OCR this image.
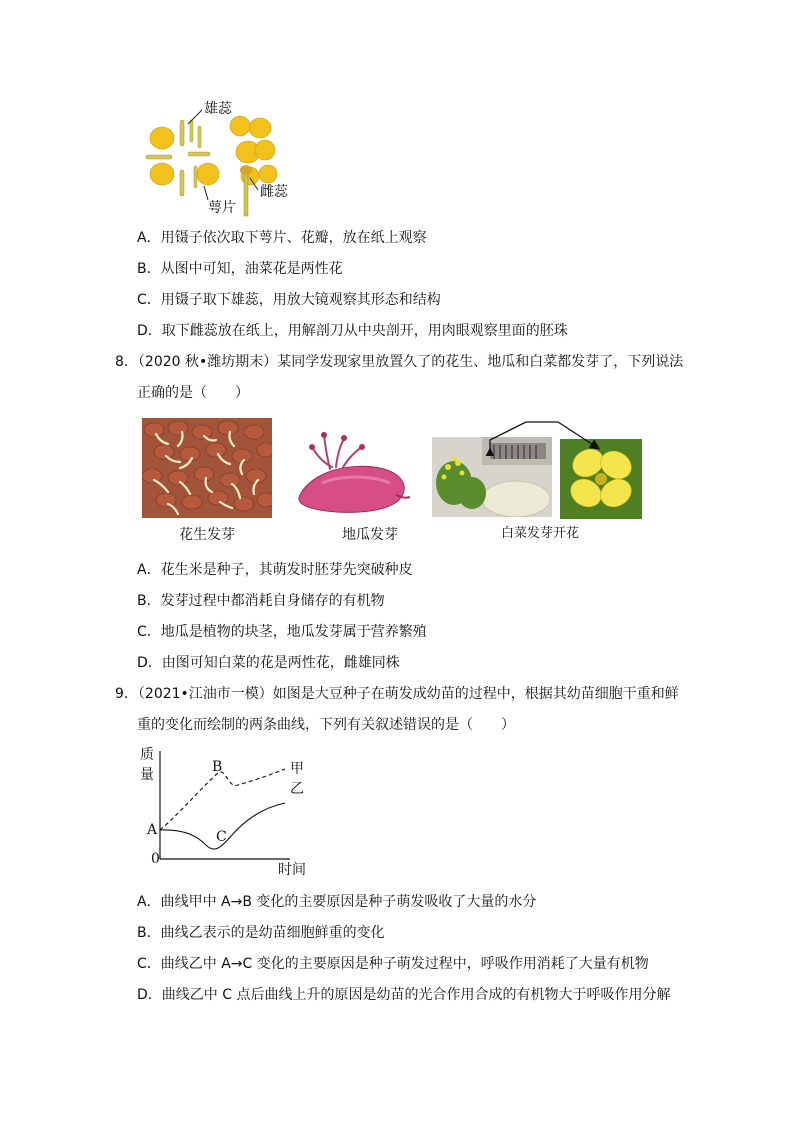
雄蕊
雌蕊
萼片
A．用镊子依次取下萼片、花瓣，放在纸上观察
B．从图中可知，油菜花是两性花
C．用镊子取下雄蕊，用放大镜观察其形态和结构
D．取下雌蕊放在纸上，用解剖刀从中央剖开，用肉眼观察里面的胚珠
8．（2020 秋•潍坊期末）某同学发现家里放置久了的花生、地瓜和白菜都发芽了，下列说法
正确的是（　　）
花生发芽	地瓜发芽	白菜发芽开花
A．花生米是种子，其萌发时胚芽先突破种皮
B．发芽过程中都消耗自身储存的有机物
C．地瓜是植物的块茎，地瓜发芽属于营养繁殖
D．由图可知白菜的花是两性花，雌雄同株
9．（2021•江油市一模）如图是大豆种子在萌发成幼苗的过程中，根据其幼苗细胞干重和鲜
重的变化而绘制的两条曲线，下列有关叙述错误的是（　　）
质
量
0
A
B
C
甲
乙
时间
A．曲线甲中 A→B 变化的主要原因是种子萌发吸收了大量的水分
B．曲线乙表示的是幼苗细胞鲜重的变化
C．曲线乙中 A→C 变化的主要原因是种子萌发过程中，呼吸作用消耗了大量有机物
D．曲线乙中 C 点后曲线上升的原因是幼苗的光合作用合成的有机物大于呼吸作用分解
